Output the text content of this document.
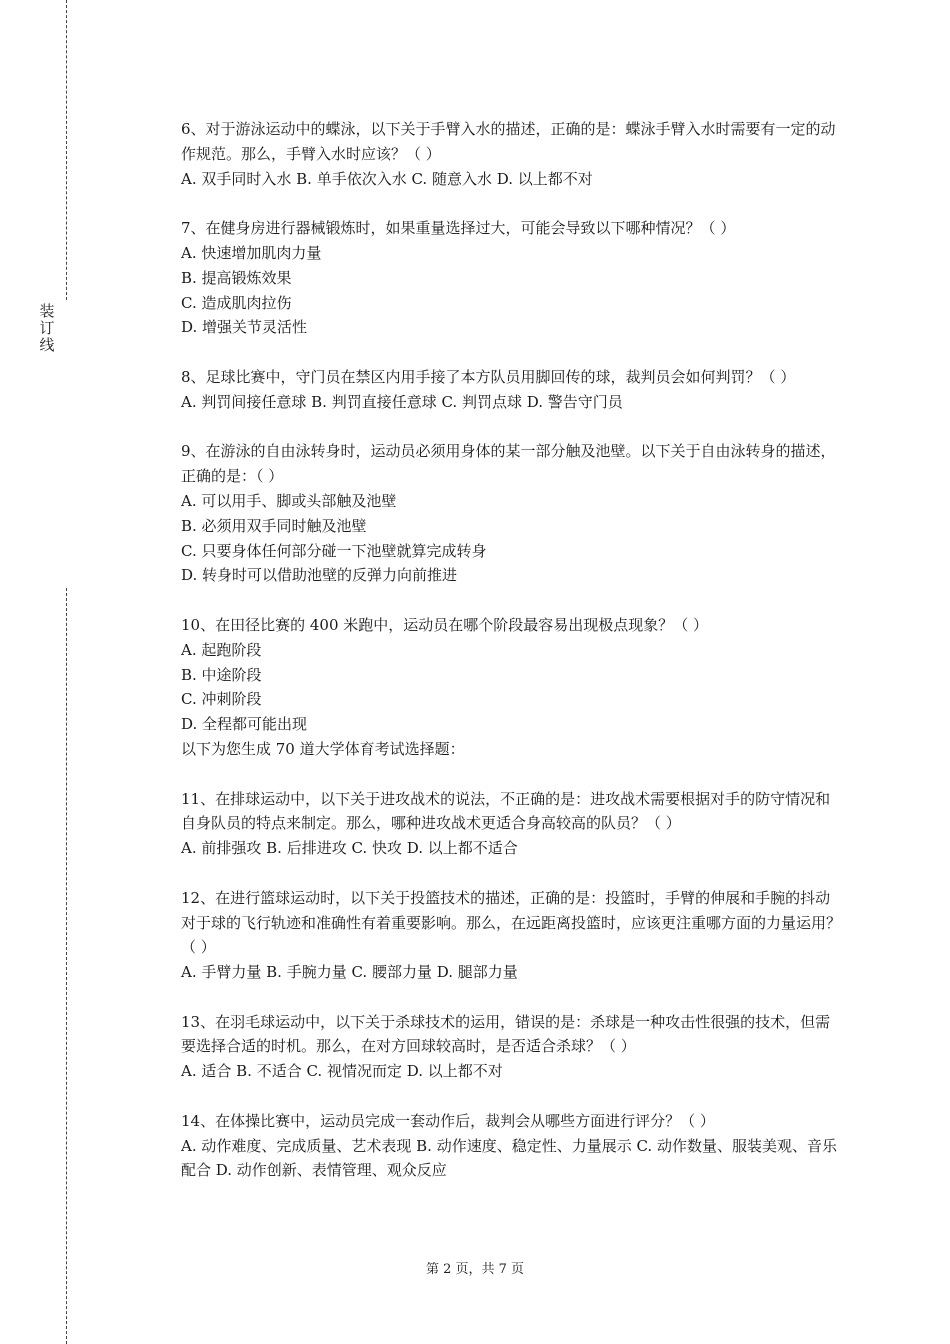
装订线

6、对于游泳运动中的蝶泳，以下关于手臂入水的描述，正确的是：蝶泳手臂入水时需要有一定的动作规范。那么，手臂入水时应该？（ ）

A. 双手同时入水 B. 单手依次入水 C. 随意入水 D. 以上都不对

7、在健身房进行器械锻炼时，如果重量选择过大，可能会导致以下哪种情况？（ ）

A. 快速增加肌肉力量

B. 提高锻炼效果

C. 造成肌肉拉伤

D. 增强关节灵活性

8、足球比赛中，守门员在禁区内用手接了本方队员用脚回传的球，裁判员会如何判罚？（ ）

A. 判罚间接任意球 B. 判罚直接任意球 C. 判罚点球 D. 警告守门员

9、在游泳的自由泳转身时，运动员必须用身体的某一部分触及池壁。以下关于自由泳转身的描述，正确的是：（ ）

A. 可以用手、脚或头部触及池壁

B. 必须用双手同时触及池壁

C. 只要身体任何部分碰一下池壁就算完成转身

D. 转身时可以借助池壁的反弹力向前推进

10、在田径比赛的 400 米跑中，运动员在哪个阶段最容易出现极点现象？（ ）

A. 起跑阶段

B. 中途阶段

C. 冲刺阶段

D. 全程都可能出现

以下为您生成 70 道大学体育考试选择题：

11、在排球运动中，以下关于进攻战术的说法，不正确的是：进攻战术需要根据对手的防守情况和自身队员的特点来制定。那么，哪种进攻战术更适合身高较高的队员？（ ）

A. 前排强攻 B. 后排进攻 C. 快攻 D. 以上都不适合

12、在进行篮球运动时，以下关于投篮技术的描述，正确的是：投篮时，手臂的伸展和手腕的抖动对于球的飞行轨迹和准确性有着重要影响。那么，在远距离投篮时，应该更注重哪方面的力量运用？（ ）

A. 手臂力量 B. 手腕力量 C. 腰部力量 D. 腿部力量

13、在羽毛球运动中，以下关于杀球技术的运用，错误的是：杀球是一种攻击性很强的技术，但需要选择合适的时机。那么，在对方回球较高时，是否适合杀球？（ ）

A. 适合 B. 不适合 C. 视情况而定 D. 以上都不对

14、在体操比赛中，运动员完成一套动作后，裁判会从哪些方面进行评分？（ ）

A. 动作难度、完成质量、艺术表现 B. 动作速度、稳定性、力量展示 C. 动作数量、服装美观、音乐配合 D. 动作创新、表情管理、观众反应

第 2 页，共 7 页
